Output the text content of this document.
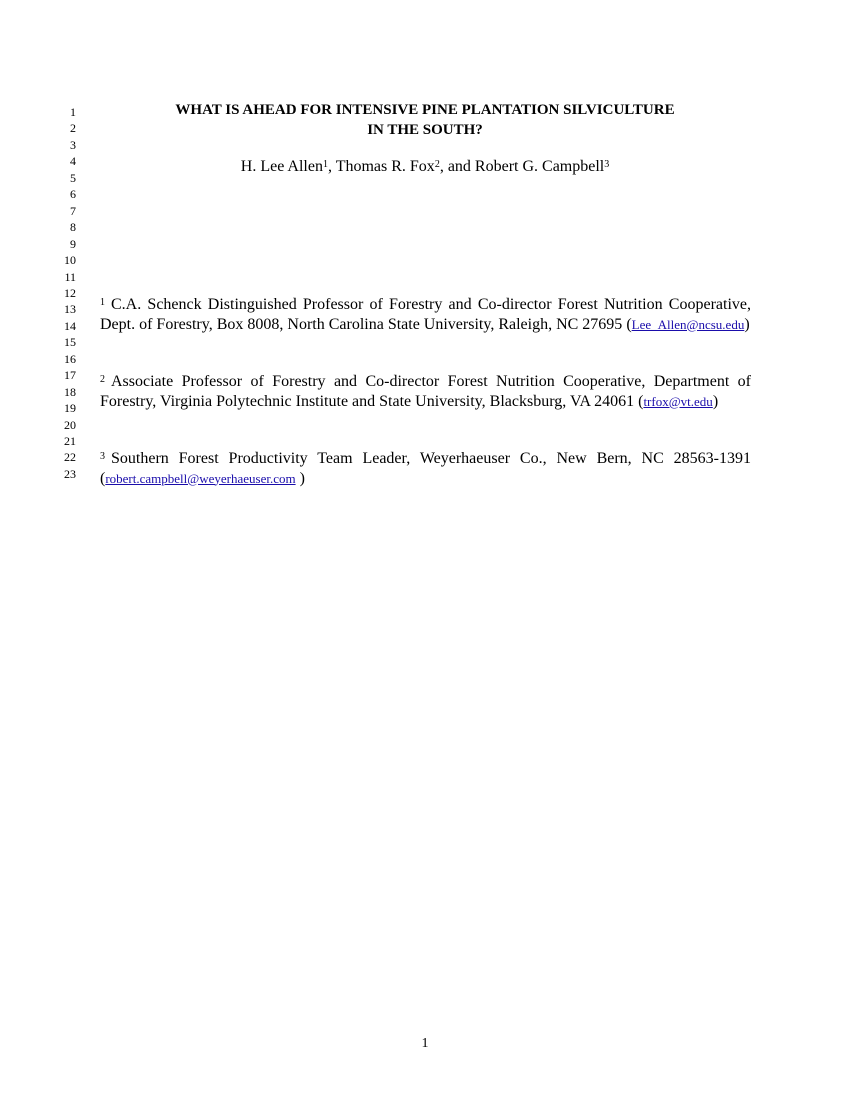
1
2
3
4
5
6
7
8
9
10
11
12
13
14
15
16
17
18
19
20
21
22
23
WHAT IS AHEAD FOR INTENSIVE PINE PLANTATION SILVICULTURE
IN THE SOUTH?
H. Lee Allen$^1$, Thomas R. Fox$^2$, and Robert G. Campbell$^3$
$^1$ C.A. Schenck Distinguished Professor of Forestry and Co-director Forest Nutrition Cooperative, Dept. of Forestry, Box 8008, North Carolina State University, Raleigh, NC 27695 (Lee_Allen@ncsu.edu)
$^2$ Associate Professor of Forestry and Co-director Forest Nutrition Cooperative, Department of Forestry, Virginia Polytechnic Institute and State University, Blacksburg, VA 24061 (trfox@vt.edu)
$^3$ Southern Forest Productivity Team Leader, Weyerhaeuser Co., New Bern, NC 28563-1391 (robert.campbell@weyerhaeuser.com )
1
